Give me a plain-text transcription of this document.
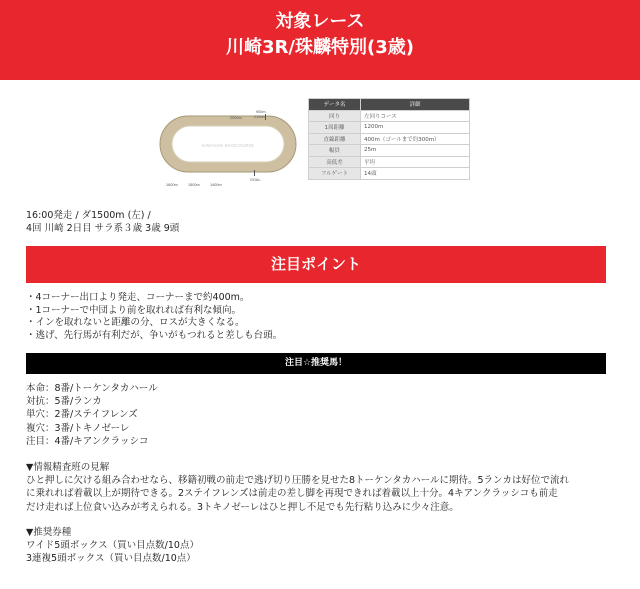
対象レース
川崎3R/珠麟特別(3歳)
KAWASAKI RACECOURSE
2000m
900m
2100m
1600m	1500m	1400m
GOAL
データ名	詳細
回り	左回りコース
1周距離	1200m
直線距離	400m（ゴールまで約300m）
幅員	25m
高低差	平坦
フルゲート	14頭
16:00発走 / ダ1500m (左) /
4回 川崎 2日目 サラ系３歳 3歳 9頭
注目ポイント
・4コーナー出口より発走、コーナーまで約400m。
・1コーナーで中団より前を取れれば有利な傾向。
・インを取れないと距離の分、ロスが大きくなる。
・逃げ、先行馬が有利だが、争いがもつれると差しも台頭。
注目☆推奨馬！
本命：8番/トーケンタカハール
対抗：5番/ランカ
単穴：2番/ステイフレンズ
複穴：3番/トキノゼーレ
注目：4番/キアンクラッシコ
▼情報精査班の見解
ひと押しに欠ける組み合わせなら、移籍初戦の前走で逃げ切り圧勝を見せた8トーケンタカハールに期待。5ランカは好位で流れ
に乗れれば着載以上が期待できる。2ステイフレンズは前走の差し脚を再現できれば着載以上十分。4キアンクラッシコも前走
だけ走れば上位食い込みが考えられる。3トキノゼーレはひと押し不足でも先行粘り込みに少々注意。
▼推奨券種
ワイド5頭ボックス（買い目点数/10点）
3連複5頭ボックス（買い目点数/10点）
